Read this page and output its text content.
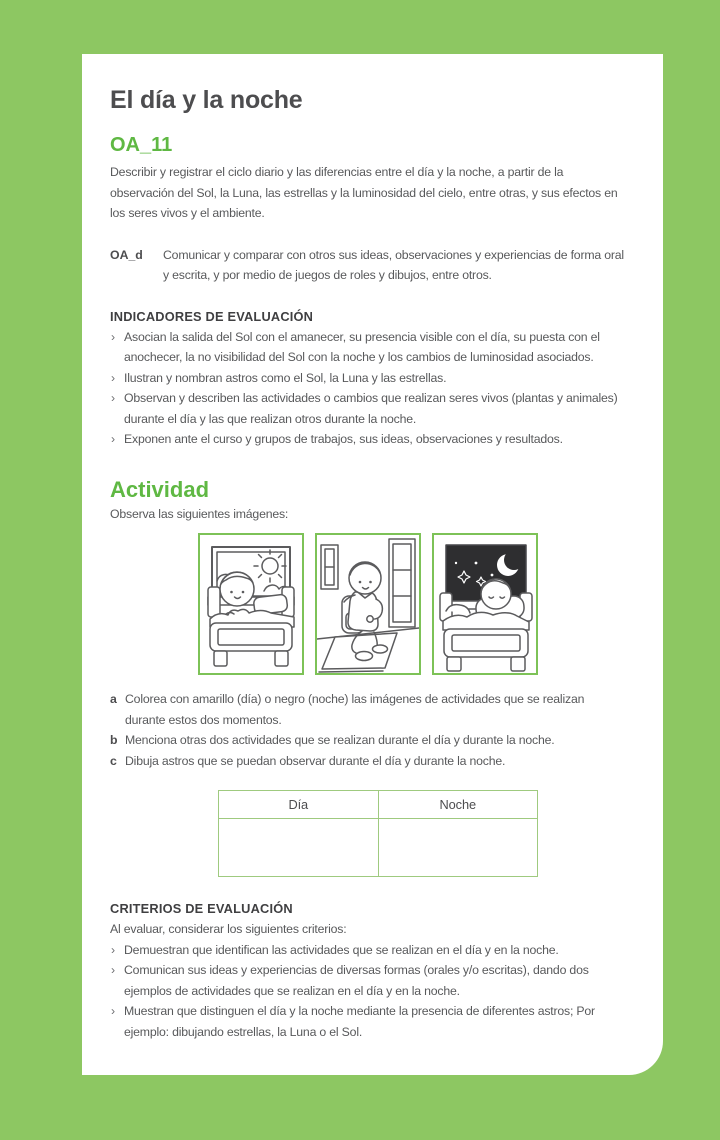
El día y la noche
OA_11

Describir y registrar el ciclo diario y las diferencias entre el día y la noche, a partir de la observación del Sol, la Luna, las estrellas y la luminosidad del cielo, entre otras, y sus efectos en los seres vivos y el ambiente.

OA_d	Comunicar y comparar con otros sus ideas, observaciones y experiencias de forma oral y escrita, y por medio de juegos de roles y dibujos, entre otros.

INDICADORES DE EVALUACIÓN
› Asocian la salida del Sol con el amanecer, su presencia visible con el día, su puesta con el anochecer, la no visibilidad del Sol con la noche y los cambios de luminosidad asociados.
› Ilustran y nombran astros como el Sol, la Luna y las estrellas.
› Observan y describen las actividades o cambios que realizan seres vivos (plantas y animales) durante el día y las que realizan otros durante la noche.
› Exponen ante el curso y grupos de trabajos, sus ideas, observaciones y resultados.
Actividad

Observa las siguientes imágenes:

a Colorea con amarillo (día) o negro (noche) las imágenes de actividades que se realizan durante estos dos momentos.
b Menciona otras dos actividades que se realizan durante el día y durante la noche.
c Dibuja astros que se puedan observar durante el día y durante la noche.
Día	Noche

CRITERIOS DE EVALUACIÓN

Al evaluar, considerar los siguientes criterios:

› Demuestran que identifican las actividades que se realizan en el día y en la noche.
› Comunican sus ideas y experiencias de diversas formas (orales y/o escritas), dando dos ejemplos de actividades que se realizan en el día y en la noche.
› Muestran que distinguen el día y la noche mediante la presencia de diferentes astros; Por ejemplo: dibujando estrellas, la Luna o el Sol.
